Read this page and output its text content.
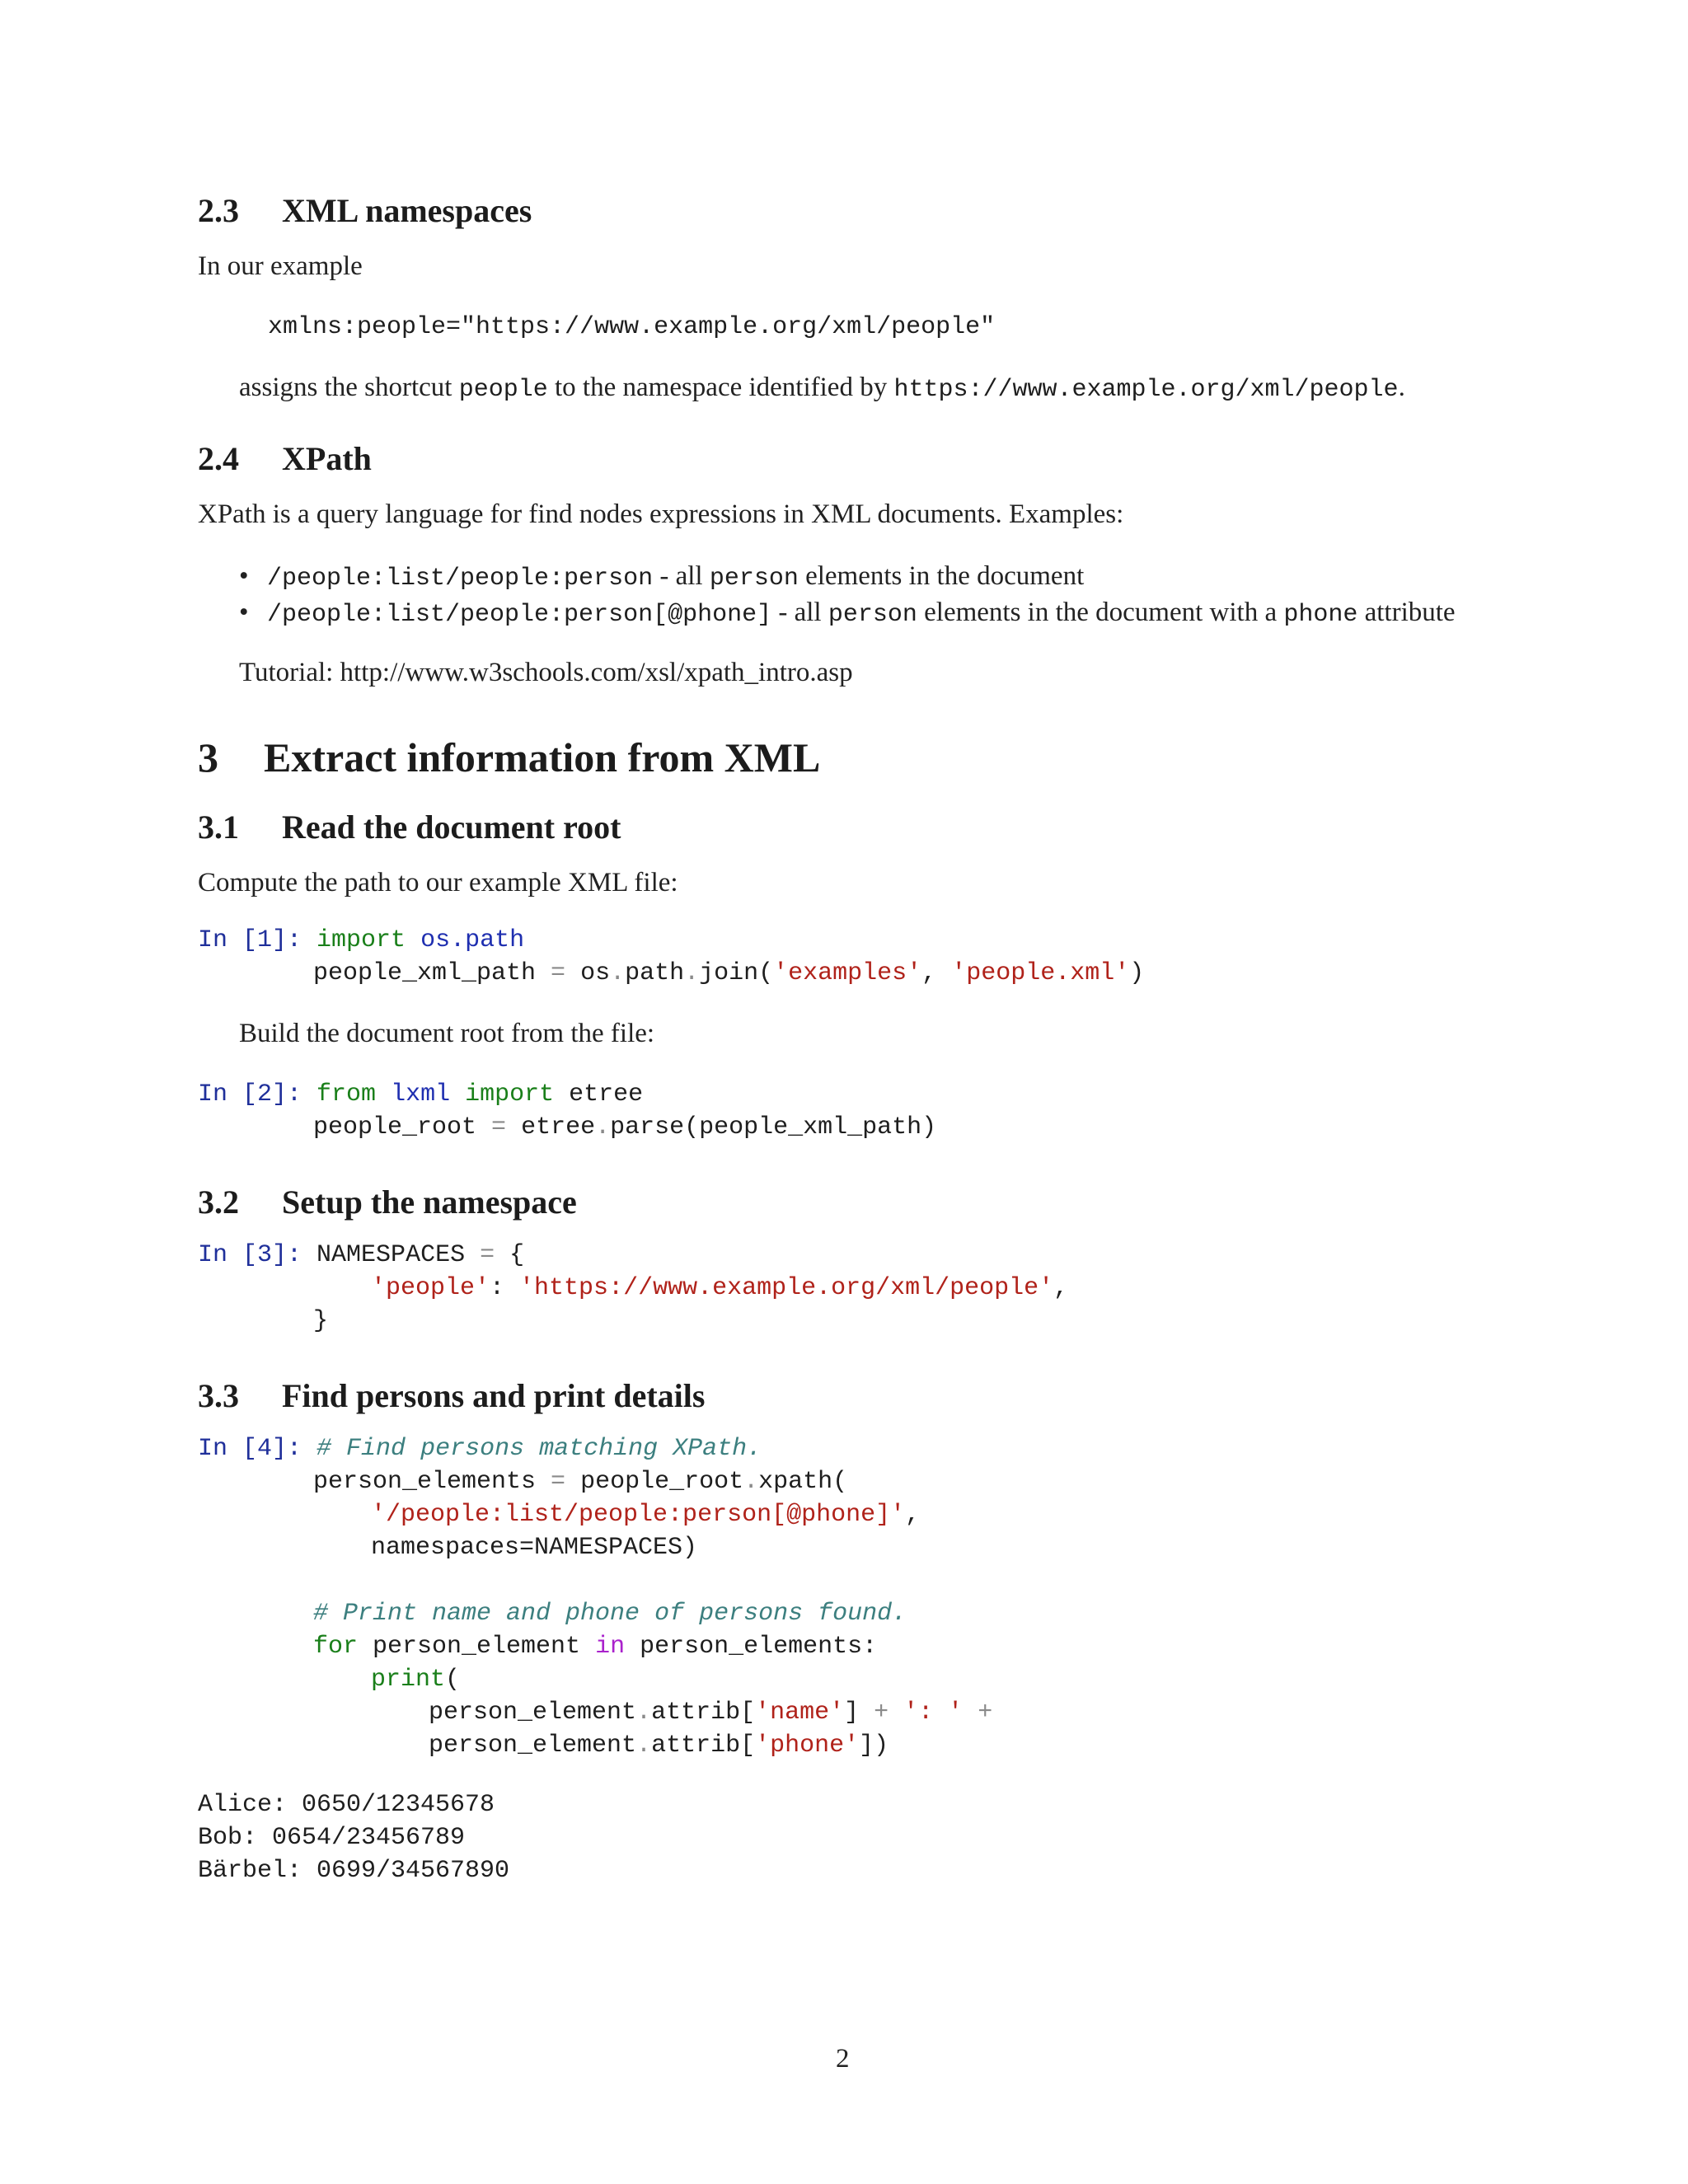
2.3 XML namespaces
In our example
xmlns:people="https://www.example.org/xml/people"
assigns the shortcut people to the namespace identified by https://www.example.org/xml/people.
2.4 XPath
XPath is a query language for find nodes expressions in XML documents. Examples:
• /people:list/people:person - all person elements in the document
• /people:list/people:person[@phone] - all person elements in the document with a phone attribute
Tutorial: http://www.w3schools.com/xsl/xpath_intro.asp
3 Extract information from XML
3.1 Read the document root
Compute the path to our example XML file:
In [1]: import os.path
people_xml_path = os.path.join('examples', 'people.xml')
Build the document root from the file:
In [2]: from lxml import etree
people_root = etree.parse(people_xml_path)
3.2 Setup the namespace
In [3]: NAMESPACES = {
'people': 'https://www.example.org/xml/people',
}
3.3 Find persons and print details
In [4]: # Find persons matching XPath.
person_elements = people_root.xpath(
'/people:list/people:person[@phone]',
namespaces=NAMESPACES)
# Print name and phone of persons found.
for person_element in person_elements:
print(
person_element.attrib['name'] + ': ' +
person_element.attrib['phone'])
Alice: 0650/12345678
Bob: 0654/23456789
Bärbel: 0699/34567890
2
